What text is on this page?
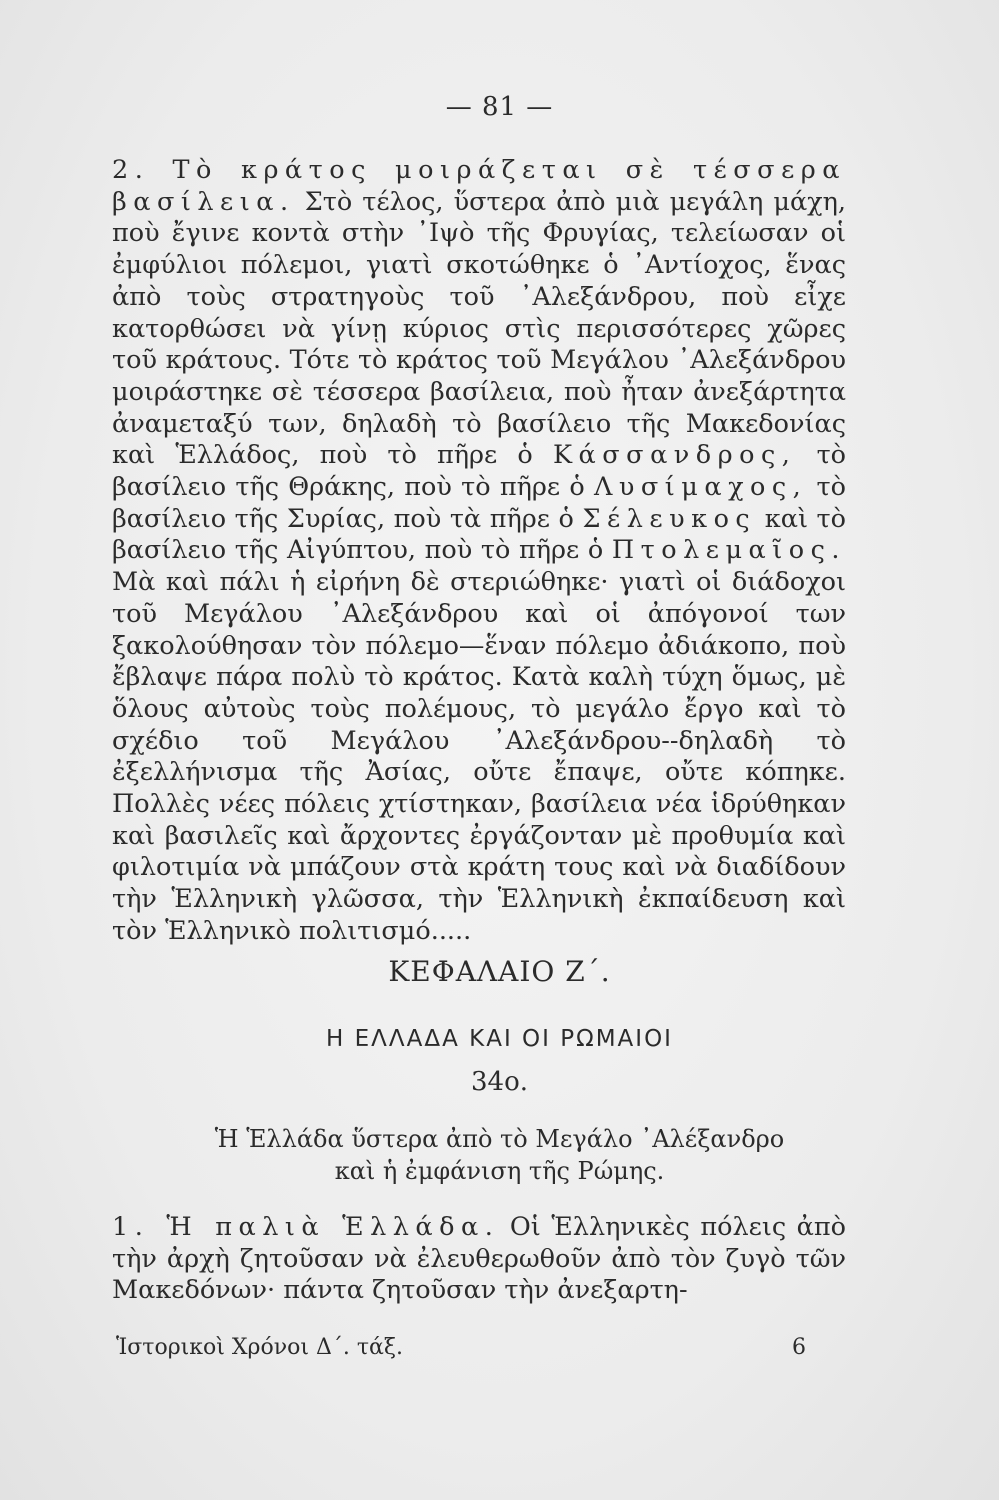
— 81 —
2. Τὸ κράτος μοιράζεται σὲ τέσσερα βασίλεια. Στὸ τέλος, ὕστερα ἀπὸ μιὰ μεγάλη μάχη, ποὺ ἔγινε κοντὰ στὴν ᾿Ιψὸ τῆς Φρυγίας, τελείωσαν οἱ ἐμφύλιοι πόλεμοι, γιατὶ σκοτώθηκε ὁ ᾿Αντίοχος, ἕνας ἀπὸ τοὺς στρατηγοὺς τοῦ ᾿Αλεξάνδρου, ποὺ εἶχε κατορθώσει νὰ γίνῃ κύριος στὶς περισσότερες χῶρες τοῦ κράτους. Τότε τὸ κράτος τοῦ Μεγάλου ᾿Αλεξάνδρου μοιράστηκε σὲ τέσσερα βασίλεια, ποὺ ἦταν ἀνεξάρτητα ἀναμεταξύ των, δηλαδὴ τὸ βασίλειο τῆς Μακεδονίας καὶ Ἑλλάδος, ποὺ τὸ πῆρε ὁ Κάσσανδρος, τὸ βασίλειο τῆς Θράκης, ποὺ τὸ πῆρε ὁ Λυσίμαχος, τὸ βασίλειο τῆς Συρίας, ποὺ τὰ πῆρε ὁ Σέλευκος καὶ τὸ βασίλειο τῆς Αἰγύπτου, ποὺ τὸ πῆρε ὁ Πτολεμαῖος. Μὰ καὶ πάλι ἡ εἰρήνη δὲ στεριώθηκε· γιατὶ οἱ διάδοχοι τοῦ Μεγάλου ᾿Αλεξάνδρου καὶ οἱ ἀπόγονοί των ξακολούθησαν τὸν πόλεμο—ἕναν πόλεμο ἀδιάκοπο, ποὺ ἔβλαψε πάρα πολὺ τὸ κράτος. Κατὰ καλὴ τύχη ὅμως, μὲ ὅλους αὐτοὺς τοὺς πολέμους, τὸ μεγάλο ἔργο καὶ τὸ σχέδιο τοῦ Μεγάλου ᾿Αλεξάνδρου--δηλαδὴ τὸ ἐξελλήνισμα τῆς Ἀσίας, οὔτε ἔπαψε, οὔτε κόπηκε. Πολλὲς νέες πόλεις χτίστηκαν, βασίλεια νέα ἱδρύθηκαν καὶ βασιλεῖς καὶ ἄρχοντες ἐργάζονταν μὲ προθυμία καὶ φιλοτιμία νὰ μπάζουν στὰ κράτη τους καὶ νὰ διαδίδουν τὴν Ἑλληνικὴ γλῶσσα, τὴν Ἑλληνικὴ ἐκπαίδευση καὶ τὸν Ἑλληνικὸ πολιτισμό.....
ΚΕΦΑΛΑΙΟ Ζ΄.
Η ΕΛΛΑΔΑ ΚΑΙ ΟΙ ΡΩΜΑΙΟΙ
34ο.
Ἡ Ἑλλάδα ὕστερα ἀπὸ τὸ Μεγάλο ᾿Αλέξανδρο
καὶ ἡ ἐμφάνιση τῆς Ρώμης.
1. Ἡ παλιὰ Ἑλλάδα. Οἱ Ἑλληνικὲς πόλεις ἀπὸ τὴν ἀρχὴ ζητοῦσαν νὰ ἐλευθερωθοῦν ἀπὸ τὸν ζυγὸ τῶν Μακεδόνων· πάντα ζητοῦσαν τὴν ἀνεξαρτη-
Ἱστορικοὶ Χρόνοι Δ΄. τάξ.	6
